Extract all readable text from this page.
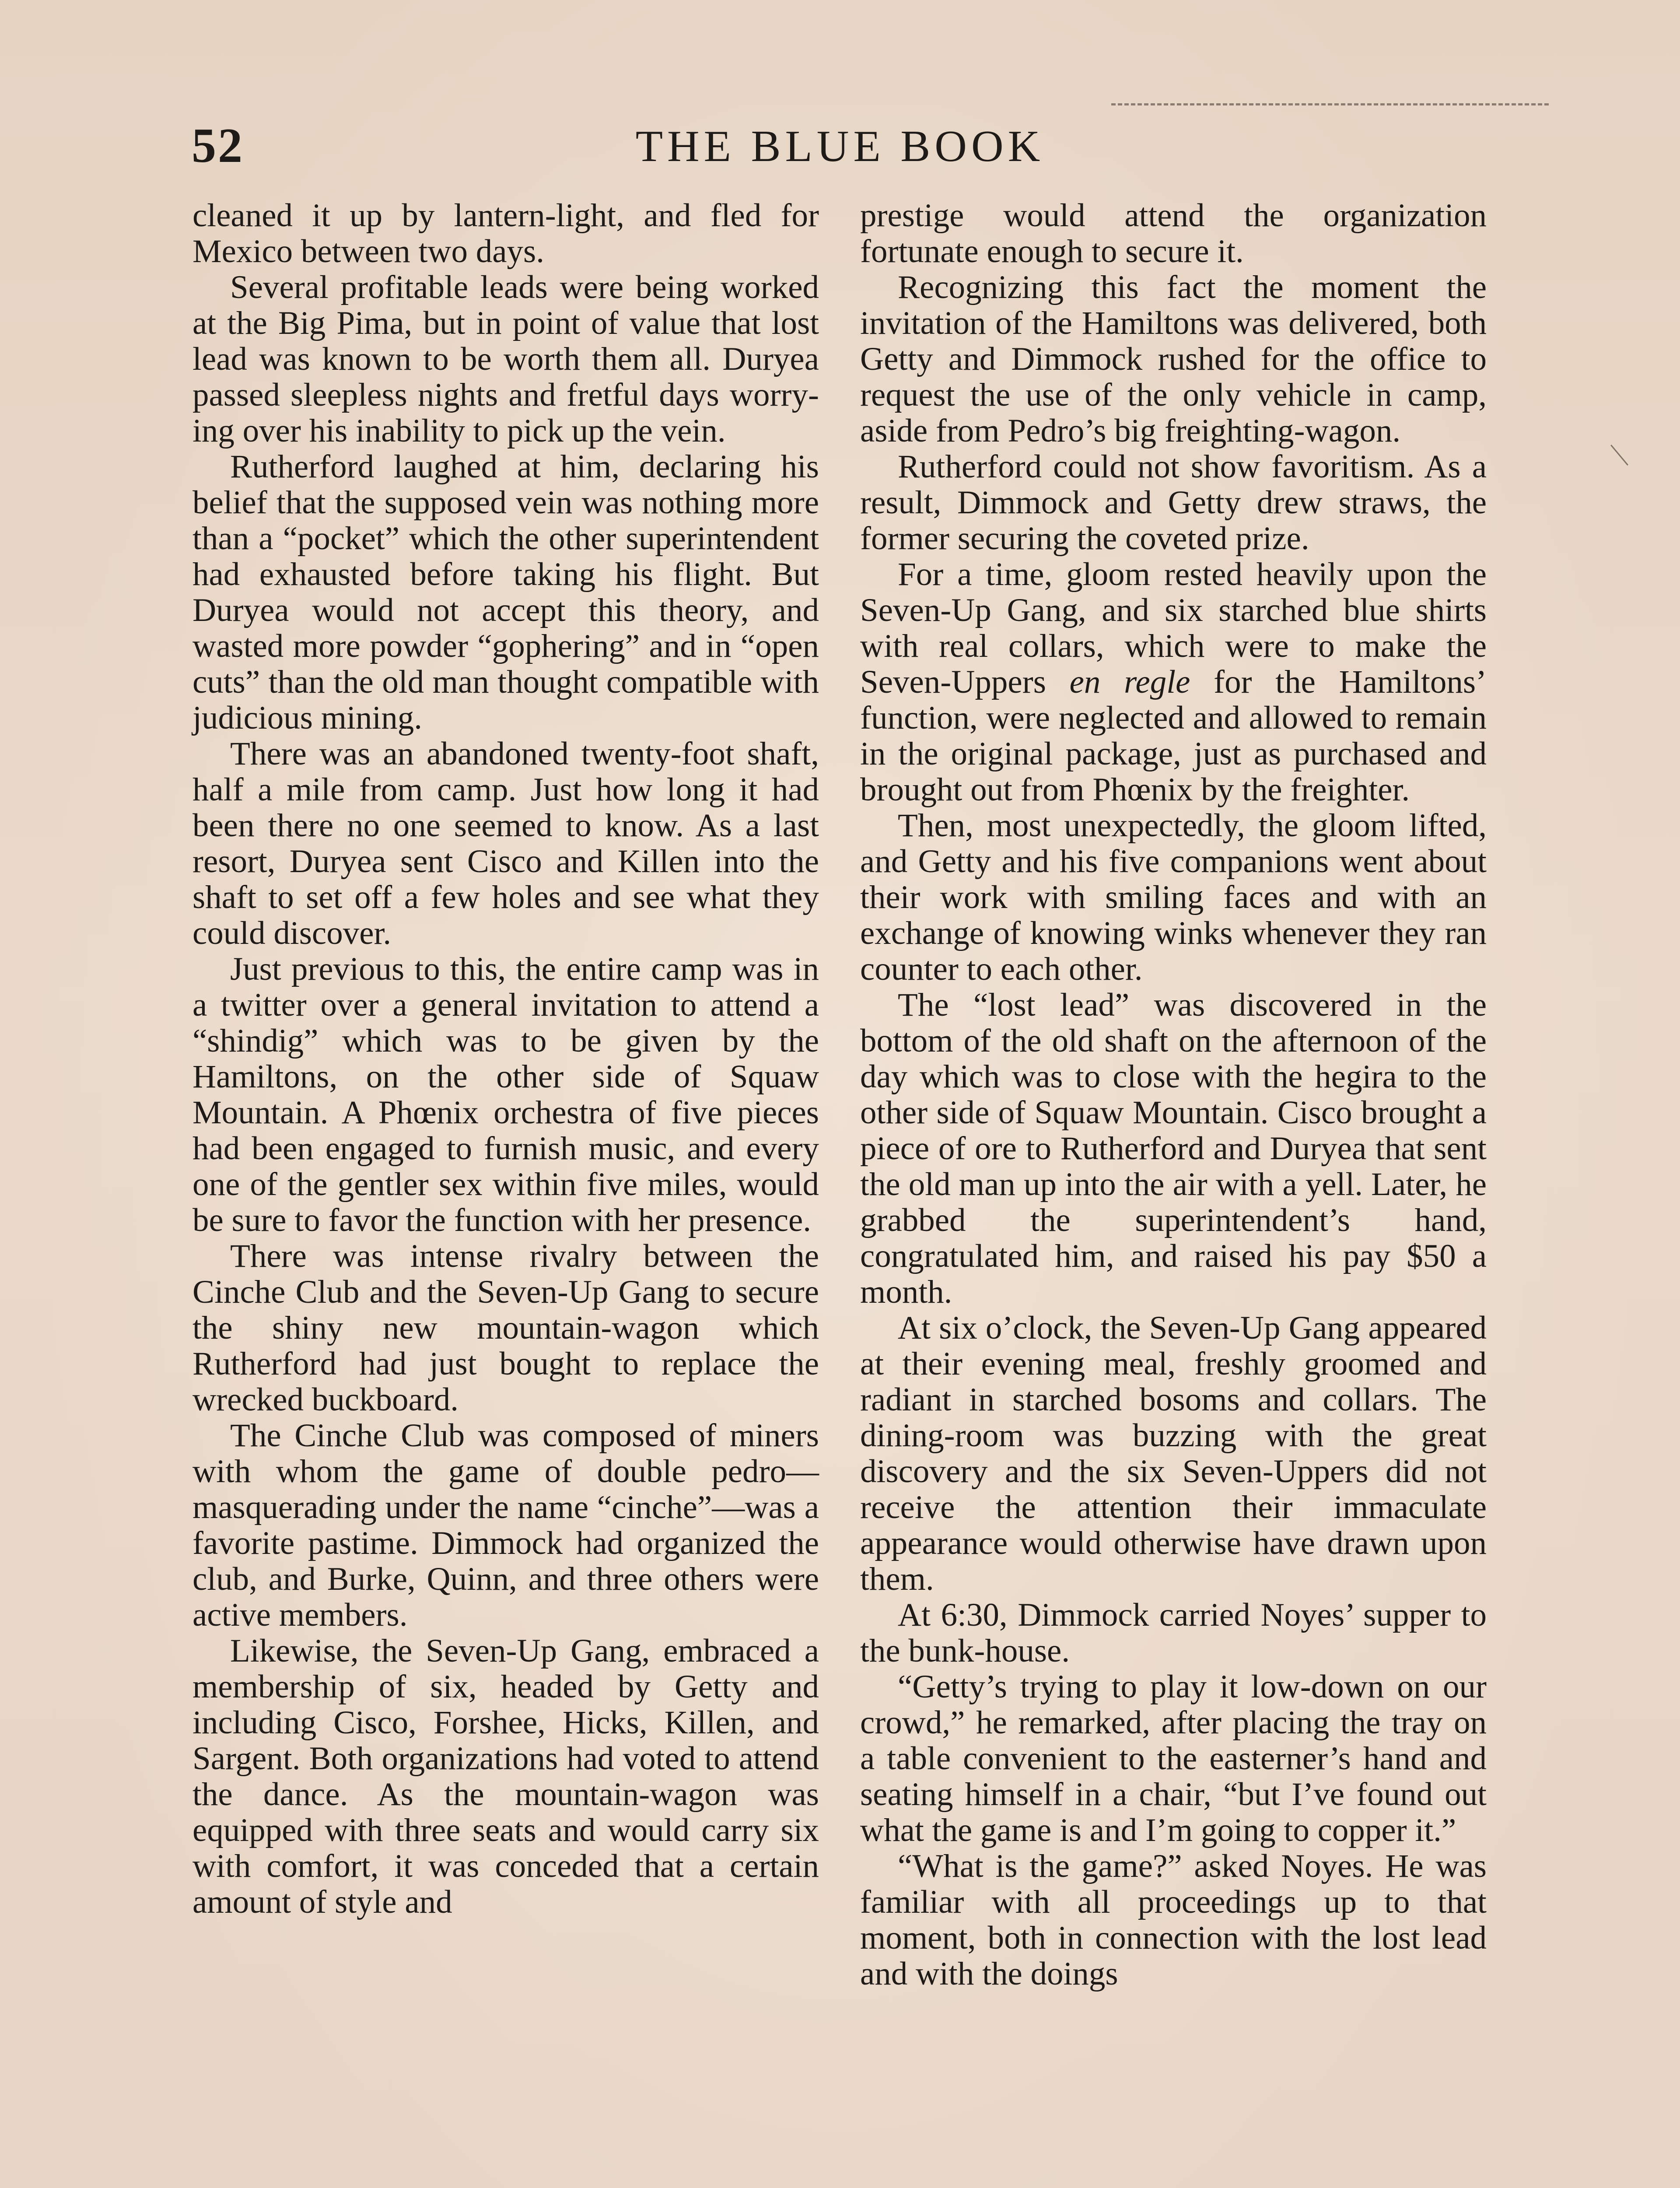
52	THE BLUE BOOK

cleaned it up by lantern-light, and fled for Mexico between two days.

Several profitable leads were being worked at the Big Pima, but in point of value that lost lead was known to be worth them all. Duryea passed sleepless nights and fretful days worrying over his inability to pick up the vein.

Rutherford laughed at him, declaring his belief that the supposed vein was nothing more than a “pocket” which the other superintendent had exhausted before taking his flight. But Duryea would not accept this theory, and wasted more powder “gophering” and in “open cuts” than the old man thought compatible with judicious mining.

There was an abandoned twenty-foot shaft, half a mile from camp. Just how long it had been there no one seemed to know. As a last resort, Duryea sent Cisco and Killen into the shaft to set off a few holes and see what they could discover.

Just previous to this, the entire camp was in a twitter over a general invitation to attend a “shindig” which was to be given by the Hamiltons, on the other side of Squaw Mountain. A Phœnix orchestra of five pieces had been engaged to furnish music, and every one of the gentler sex within five miles, would be sure to favor the function with her presence.

There was intense rivalry between the Cinche Club and the Seven-Up Gang to secure the shiny new mountain-wagon which Rutherford had just bought to replace the wrecked buckboard.

The Cinche Club was composed of miners with whom the game of double pedro—masquerading under the name “cinche”—was a favorite pastime. Dimmock had organized the club, and Burke, Quinn, and three others were active members.

Likewise, the Seven-Up Gang, embraced a membership of six, headed by Getty and including Cisco, Forshee, Hicks, Killen, and Sargent. Both organizations had voted to attend the dance. As the mountain-wagon was equipped with three seats and would carry six with comfort, it was conceded that a certain amount of style and

prestige would attend the organization fortunate enough to secure it.

Recognizing this fact the moment the invitation of the Hamiltons was delivered, both Getty and Dimmock rushed for the office to request the use of the only vehicle in camp, aside from Pedro’s big freighting-wagon.

Rutherford could not show favoritism. As a result, Dimmock and Getty drew straws, the former securing the coveted prize.

For a time, gloom rested heavily upon the Seven-Up Gang, and six starched blue shirts with real collars, which were to make the Seven-Uppers en regle for the Hamiltons’ function, were neglected and allowed to remain in the original package, just as purchased and brought out from Phœnix by the freighter.

Then, most unexpectedly, the gloom lifted, and Getty and his five companions went about their work with smiling faces and with an exchange of knowing winks whenever they ran counter to each other.

The “lost lead” was discovered in the bottom of the old shaft on the afternoon of the day which was to close with the hegira to the other side of Squaw Mountain. Cisco brought a piece of ore to Rutherford and Duryea that sent the old man up into the air with a yell. Later, he grabbed the superintendent’s hand, congratulated him, and raised his pay $50 a month.

At six o’clock, the Seven-Up Gang appeared at their evening meal, freshly groomed and radiant in starched bosoms and collars. The dining-room was buzzing with the great discovery and the six Seven-Uppers did not receive the attention their immaculate appearance would otherwise have drawn upon them.

At 6:30, Dimmock carried Noyes’ supper to the bunk-house.

“Getty’s trying to play it low-down on our crowd,” he remarked, after placing the tray on a table convenient to the easterner’s hand and seating himself in a chair, “but I’ve found out what the game is and I’m going to copper it.”

“What is the game?” asked Noyes. He was familiar with all proceedings up to that moment, both in connection with the lost lead and with the doings
